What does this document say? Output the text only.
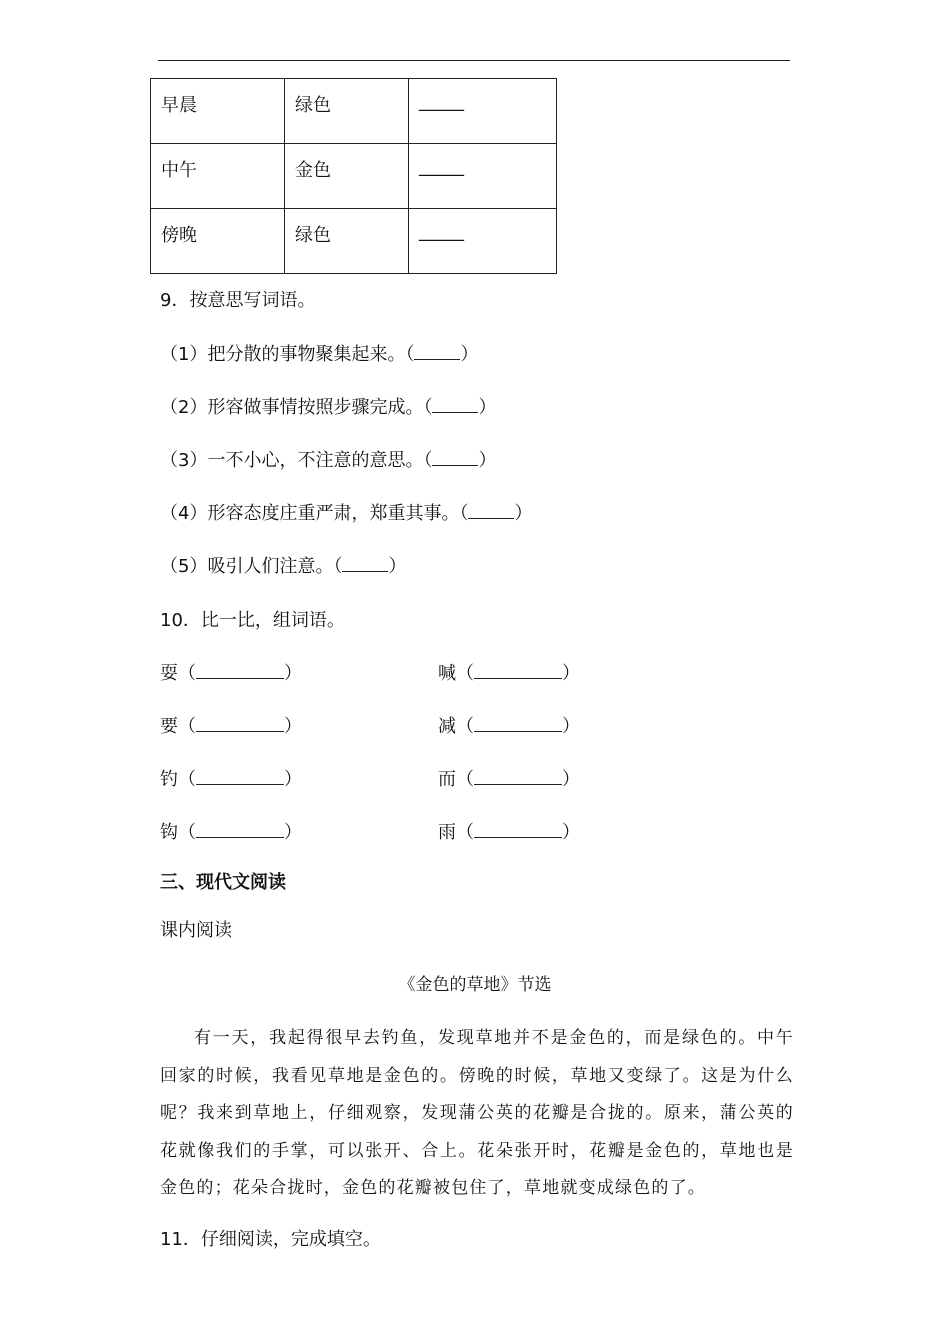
早晨	绿色	_____
中午	金色	_____
傍晚	绿色	_____
9．按意思写词语。
（1）把分散的事物聚集起来。（	）
（2）形容做事情按照步骤完成。（	）
（3）一不小心，不注意的意思。（	）
（4）形容态度庄重严肃，郑重其事。（	）
（5）吸引人们注意。（	）
10．比一比，组词语。
耍（	）	喊（	）
要（	）	减（	）
钓（	）	而（	）
钩（	）	雨（	）
三、现代文阅读
课内阅读
《金色的草地》节选

有一天，我起得很早去钓鱼，发现草地并不是金色的，而是绿色的。中午回家的时候，我看见草地是金色的。傍晚的时候，草地又变绿了。这是为什么呢？我来到草地上，仔细观察，发现蒲公英的花瓣是合拢的。原来，蒲公英的花就像我们的手掌，可以张开、合上。花朵张开时，花瓣是金色的，草地也是金色的；花朵合拢时，金色的花瓣被包住了，草地就变成绿色的了。

11．仔细阅读，完成填空。
